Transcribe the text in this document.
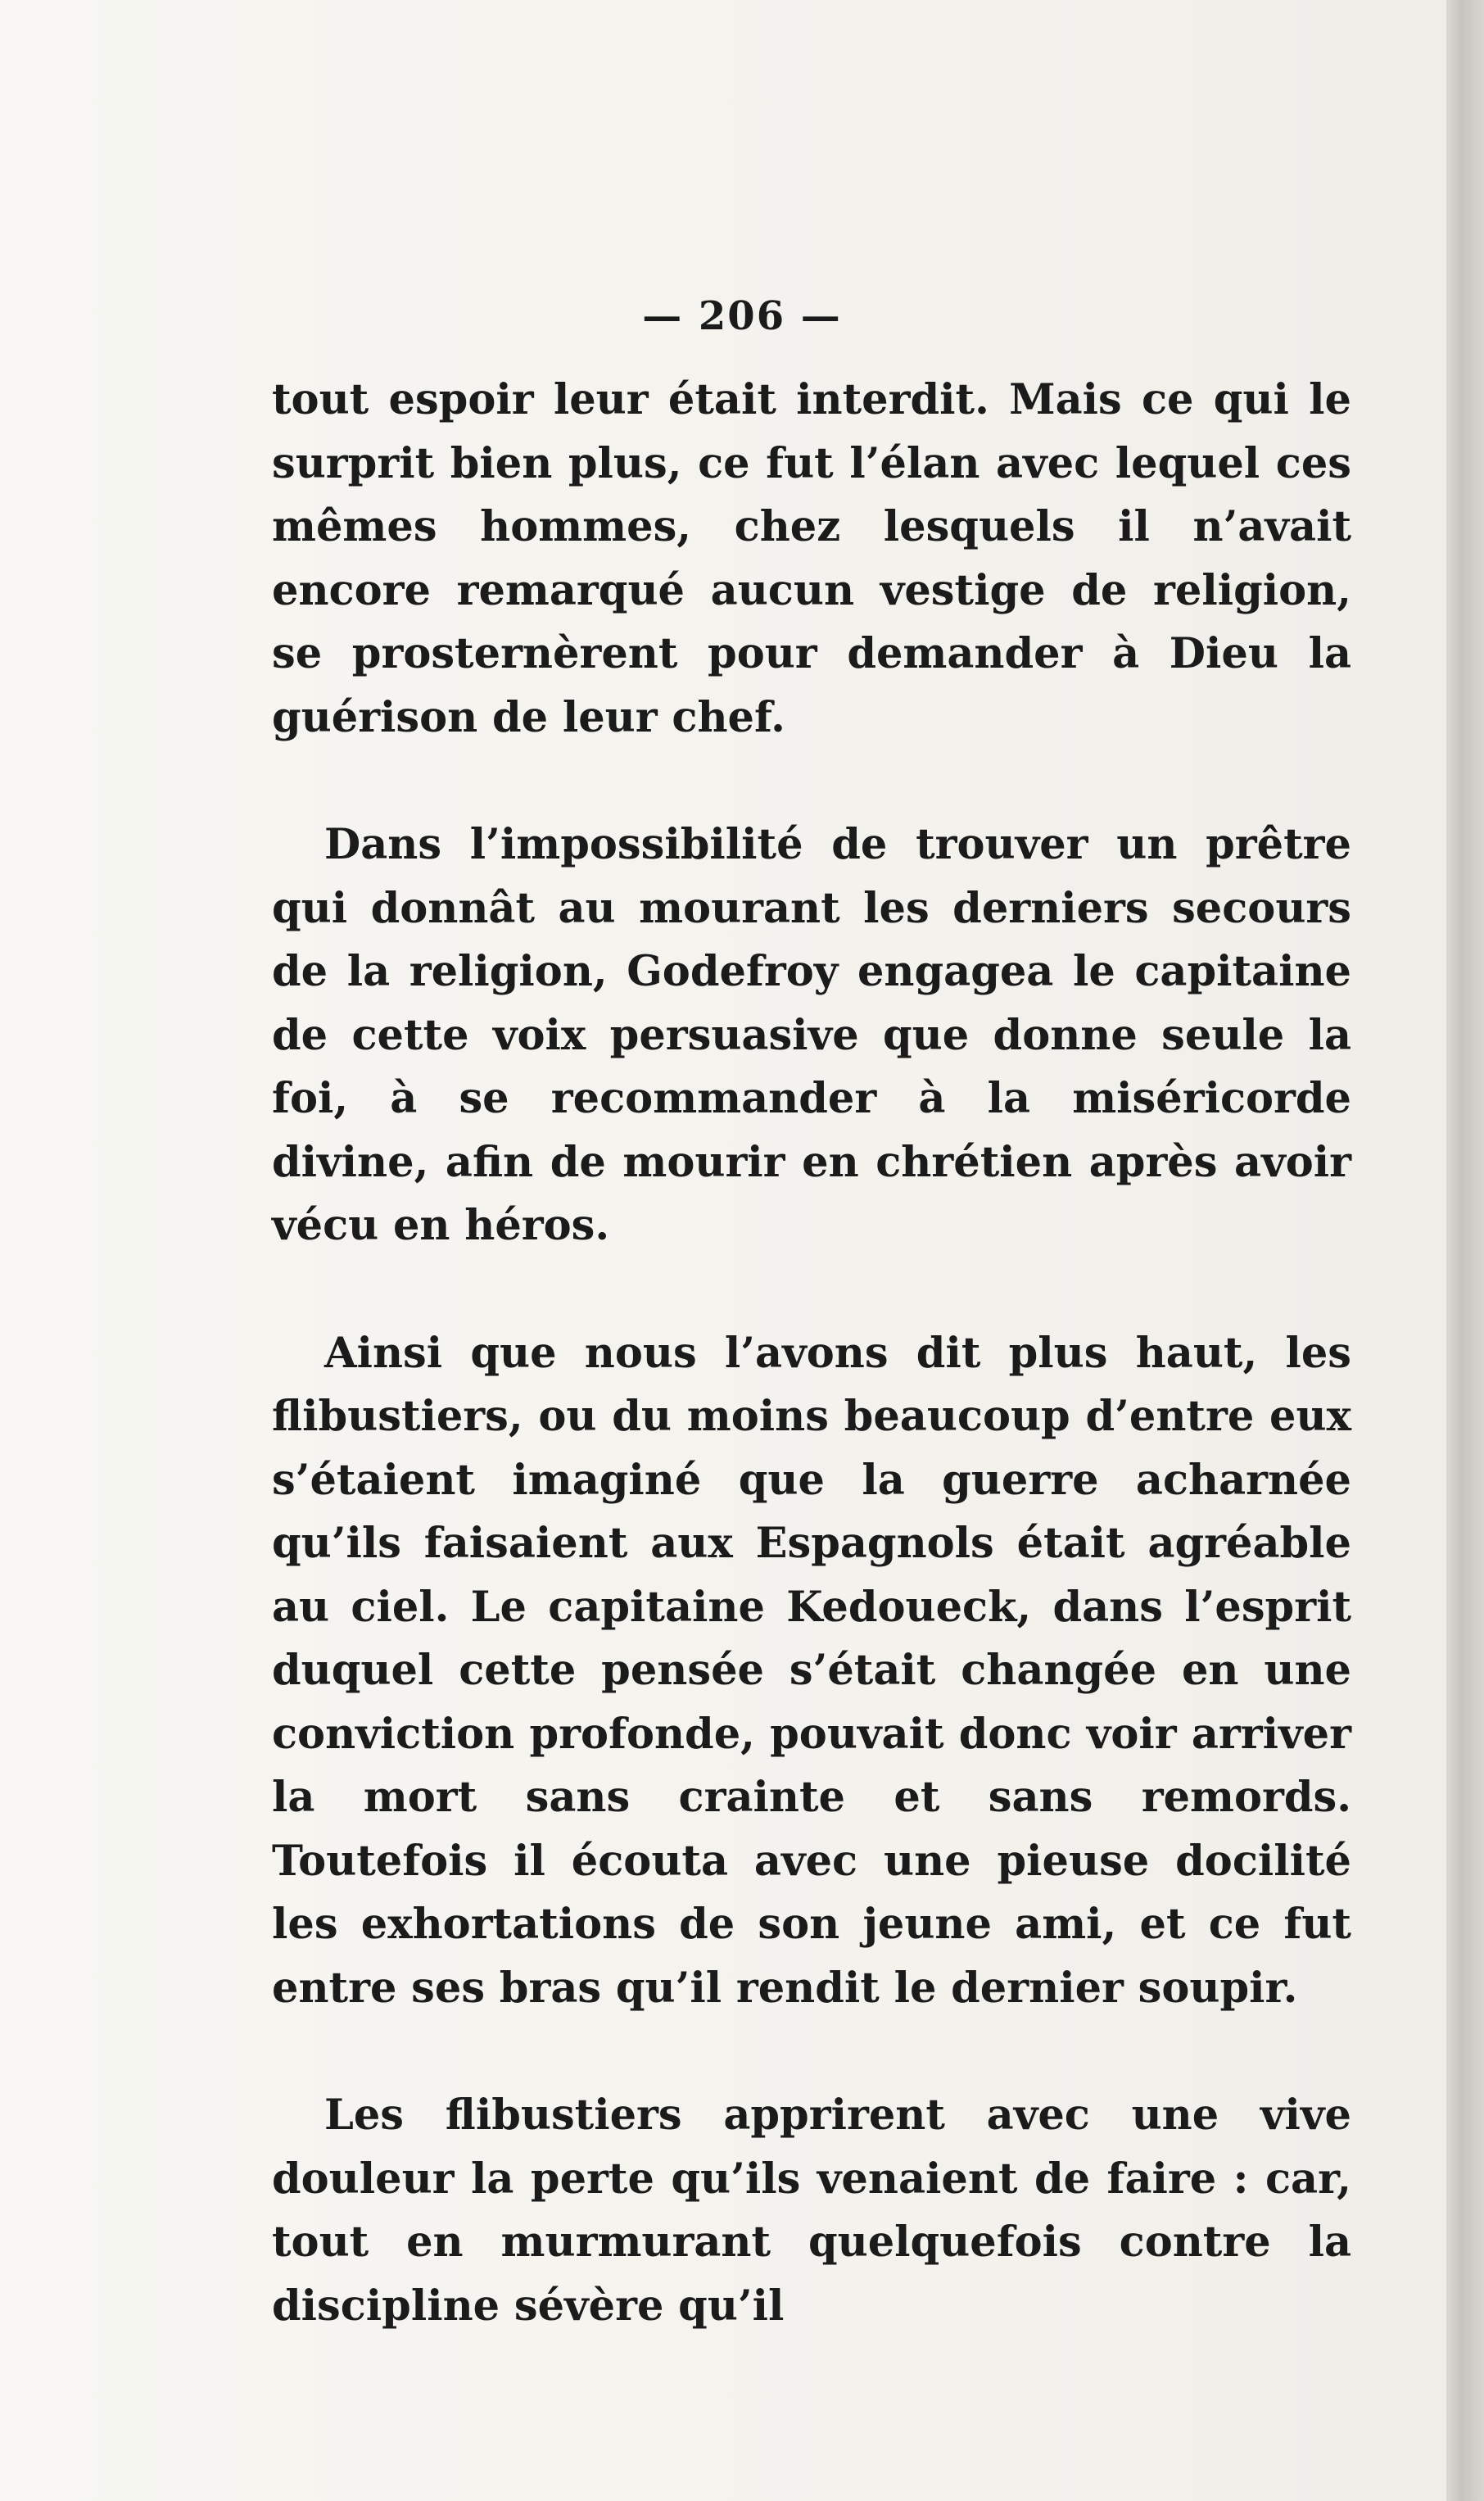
— 206 —

tout espoir leur était interdit. Mais ce qui le surprit bien plus, ce fut l’élan avec lequel ces mêmes hommes, chez lesquels il n’avait encore remarqué aucun vestige de religion, se prosternèrent pour demander à Dieu la guérison de leur chef.

Dans l’impossibilité de trouver un prêtre qui donnât au mourant les derniers secours de la religion, Godefroy engagea le capitaine de cette voix persuasive que donne seule la foi, à se recommander à la miséricorde divine, afin de mourir en chrétien après avoir vécu en héros.

Ainsi que nous l’avons dit plus haut, les flibustiers, ou du moins beaucoup d’entre eux s’étaient imaginé que la guerre acharnée qu’ils faisaient aux Espagnols était agréable au ciel. Le capitaine Kedoueck, dans l’esprit duquel cette pensée s’était changée en une conviction profonde, pouvait donc voir arriver la mort sans crainte et sans remords. Toutefois il écouta avec une pieuse docilité les exhortations de son jeune ami, et ce fut entre ses bras qu’il rendit le dernier soupir.

Les flibustiers apprirent avec une vive douleur la perte qu’ils venaient de faire : car, tout en murmurant quelquefois contre la discipline sévère qu’il
